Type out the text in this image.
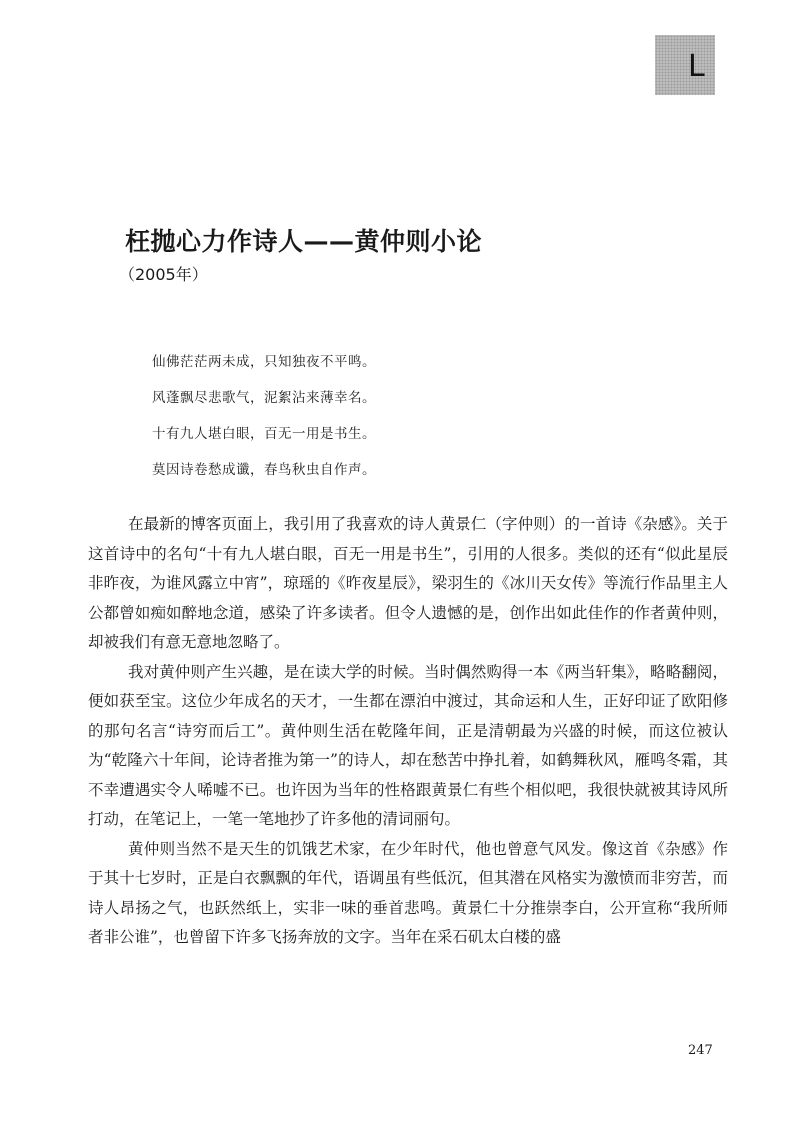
L
枉抛心力作诗人——黄仲则小论
（2005年）
仙佛茫茫两未成，只知独夜不平鸣。
风蓬飘尽悲歌气，泥絮沾来薄幸名。
十有九人堪白眼，百无一用是书生。
莫因诗卷愁成谶，春鸟秋虫自作声。

在最新的博客页面上，我引用了我喜欢的诗人黄景仁（字仲则）的一首诗《杂感》。关于这首诗中的名句“十有九人堪白眼，百无一用是书生”，引用的人很多。类似的还有“似此星辰非昨夜，为谁风露立中宵”，琼瑶的《昨夜星辰》，梁羽生的《冰川天女传》等流行作品里主人公都曾如痴如醉地念道，感染了许多读者。但令人遗憾的是，创作出如此佳作的作者黄仲则，却被我们有意无意地忽略了。

我对黄仲则产生兴趣，是在读大学的时候。当时偶然购得一本《两当轩集》，略略翻阅，便如获至宝。这位少年成名的天才，一生都在漂泊中渡过，其命运和人生，正好印证了欧阳修的那句名言“诗穷而后工”。黄仲则生活在乾隆年间，正是清朝最为兴盛的时候，而这位被认为“乾隆六十年间，论诗者推为第一”的诗人，却在愁苦中挣扎着，如鹤舞秋风，雁鸣冬霜，其不幸遭遇实令人唏嘘不已。也许因为当年的性格跟黄景仁有些个相似吧，我很快就被其诗风所打动，在笔记上，一笔一笔地抄了许多他的清词丽句。

黄仲则当然不是天生的饥饿艺术家，在少年时代，他也曾意气风发。像这首《杂感》作于其十七岁时，正是白衣飘飘的年代，语调虽有些低沉，但其潜在风格实为激愤而非穷苦，而诗人昂扬之气，也跃然纸上，实非一味的垂首悲鸣。黄景仁十分推崇李白，公开宣称“我所师者非公谁”，也曾留下许多飞扬奔放的文字。当年在采石矶太白楼的盛

247
